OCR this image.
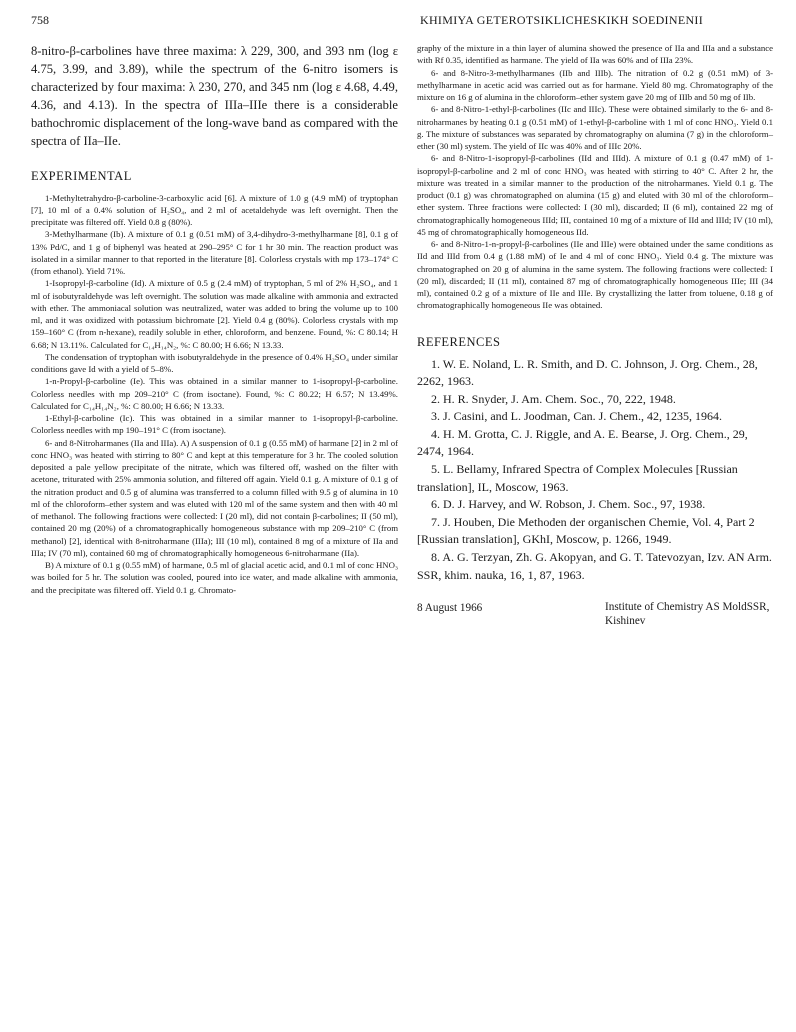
758	KHIMIYA GETEROTSIKLICHESKIKH SOEDINENII

8-nitro-β-carbolines have three maxima: λ 229, 300, and 393 nm (log ε 4.75, 3.99, and 3.89), while the spectrum of the 6-nitro isomers is characterized by four maxima: λ 230, 270, and 345 nm (log ε 4.68, 4.49, 4.36, and 4.13). In the spectra of IIIa–IIIe there is a considerable bathochromic displacement of the long-wave band as compared with the spectra of IIa–IIe.

EXPERIMENTAL

1-Methyltetrahydro-β-carboline-3-carboxylic acid [6]. A mixture of 1.0 g (4.9 mM) of tryptophan [7], 10 ml of a 0.4% solution of H₂SO₄, and 2 ml of acetaldehyde was left overnight. Then the precipitate was filtered off. Yield 0.8 g (80%).

3-Methylharmane (Ib). A mixture of 0.1 g (0.51 mM) of 3,4-dihydro-3-methylharmane [8], 0.1 g of 13% Pd/C, and 1 g of biphenyl was heated at 290–295° C for 1 hr 30 min. The reaction product was isolated in a similar manner to that reported in the literature [8]. Colorless crystals with mp 173–174° C (from ethanol). Yield 71%.

1-Isopropyl-β-carboline (Id). A mixture of 0.5 g (2.4 mM) of tryptophan, 5 ml of 2% H₂SO₄, and 1 ml of isobutyraldehyde was left overnight. The solution was made alkaline with ammonia and extracted with ether. The ammoniacal solution was neutralized, water was added to bring the volume up to 100 ml, and it was oxidized with potassium bichromate [2]. Yield 0.4 g (80%). Colorless crystals with mp 159–160° C (from n-hexane), readily soluble in ether, chloroform, and benzene. Found, %: C 80.14; H 6.68; N 13.11%. Calculated for C₁₄H₁₄N₂, %: C 80.00; H 6.66; N 13.33.

The condensation of tryptophan with isobutyraldehyde in the presence of 0.4% H₂SO₄ under similar conditions gave Id with a yield of 5–8%.

1-n-Propyl-β-carboline (Ie). This was obtained in a similar manner to 1-isopropyl-β-carboline. Colorless needles with mp 209–210° C (from isoctane). Found, %: C 80.22; H 6.57; N 13.49%. Calculated for C₁₄H₁₄N₂, %: C 80.00; H 6.66; N 13.33.

1-Ethyl-β-carboline (Ic). This was obtained in a similar manner to 1-isopropyl-β-carboline. Colorless needles with mp 190–191° C (from isoctane).

6- and 8-Nitroharmanes (IIa and IIIa). A) A suspension of 0.1 g (0.55 mM) of harmane [2] in 2 ml of conc HNO₃ was heated with stirring to 80° C and kept at this temperature for 3 hr. The cooled solution deposited a pale yellow precipitate of the nitrate, which was filtered off, washed on the filter with acetone, triturated with 25% ammonia solution, and filtered off again. Yield 0.1 g. A mixture of 0.1 g of the nitration product and 0.5 g of alumina was transferred to a column filled with 9.5 g of alumina in 10 ml of the chloroform–ether system and was eluted with 120 ml of the same system and then with 40 ml of methanol. The following fractions were collected: I (20 ml), did not contain β-carbolines; II (50 ml), contained 20 mg (20%) of a chromatographically homogeneous substance with mp 209–210° C (from methanol) [2], identical with 8-nitroharmane (IIIa); III (10 ml), contained 8 mg of a mixture of IIa and IIIa; IV (70 ml), contained 60 mg of chromatographically homogeneous 6-nitroharmane (IIa).

B) A mixture of 0.1 g (0.55 mM) of harmane, 0.5 ml of glacial acetic acid, and 0.1 ml of conc HNO₃ was boiled for 5 hr. The solution was cooled, poured into ice water, and made alkaline with ammonia, and the precipitate was filtered off. Yield 0.1 g. Chromato-

graphy of the mixture in a thin layer of alumina showed the presence of IIa and IIIa and a substance with Rf 0.35, identified as harmane. The yield of IIa was 60% and of IIIa 23%.

6- and 8-Nitro-3-methylharmanes (IIb and IIIb). The nitration of 0.2 g (0.51 mM) of 3-methylharmane in acetic acid was carried out as for harmane. Yield 80 mg. Chromatography of the mixture on 16 g of alumina in the chloroform–ether system gave 20 mg of IIIb and 50 mg of IIb.

6- and 8-Nitro-1-ethyl-β-carbolines (IIc and IIIc). These were obtained similarly to the 6- and 8-nitroharmanes by heating 0.1 g (0.51 mM) of 1-ethyl-β-carboline with 1 ml of conc HNO₃. Yield 0.1 g. The mixture of substances was separated by chromatography on alumina (7 g) in the chloroform–ether (30 ml) system. The yield of IIc was 40% and of IIIc 20%.

6- and 8-Nitro-1-isopropyl-β-carbolines (IId and IIId). A mixture of 0.1 g (0.47 mM) of 1-isopropyl-β-carboline and 2 ml of conc HNO₃ was heated with stirring to 40° C. After 2 hr, the mixture was treated in a similar manner to the production of the nitroharmanes. Yield 0.1 g. The product (0.1 g) was chromatographed on alumina (15 g) and eluted with 30 ml of the chloroform–ether system. Three fractions were collected: I (30 ml), discarded; II (6 ml), contained 22 mg of chromatographically homogeneous IIId; III, contained 10 mg of a mixture of IId and IIId; IV (10 ml), 45 mg of chromatographically homogeneous IId.

6- and 8-Nitro-1-n-propyl-β-carbolines (IIe and IIIe) were obtained under the same conditions as IId and IIId from 0.4 g (1.88 mM) of Ie and 4 ml of conc HNO₃. Yield 0.4 g. The mixture was chromatographed on 20 g of alumina in the same system. The following fractions were collected: I (20 ml), discarded; II (11 ml), contained 87 mg of chromatographically homogeneous IIIe; III (34 ml), contained 0.2 g of a mixture of IIe and IIIe. By crystallizing the latter from toluene, 0.18 g of chromatographically homogeneous IIe was obtained.

REFERENCES

1. W. E. Noland, L. R. Smith, and D. C. Johnson, J. Org. Chem., 28, 2262, 1963.

2. H. R. Snyder, J. Am. Chem. Soc., 70, 222, 1948.

3. J. Casini, and L. Joodman, Can. J. Chem., 42, 1235, 1964.

4. H. M. Grotta, C. J. Riggle, and A. E. Bearse, J. Org. Chem., 29, 2474, 1964.

5. L. Bellamy, Infrared Spectra of Complex Molecules [Russian translation], IL, Moscow, 1963.

6. D. J. Harvey, and W. Robson, J. Chem. Soc., 97, 1938.

7. J. Houben, Die Methoden der organischen Chemie, Vol. 4, Part 2 [Russian translation], GKhI, Moscow, p. 1266, 1949.

8. A. G. Terzyan, Zh. G. Akopyan, and G. T. Tatevozyan, Izv. AN Arm. SSR, khim. nauka, 16, 1, 87, 1963.

8 August 1966	Institute of Chemistry AS MoldSSR, Kishinev
